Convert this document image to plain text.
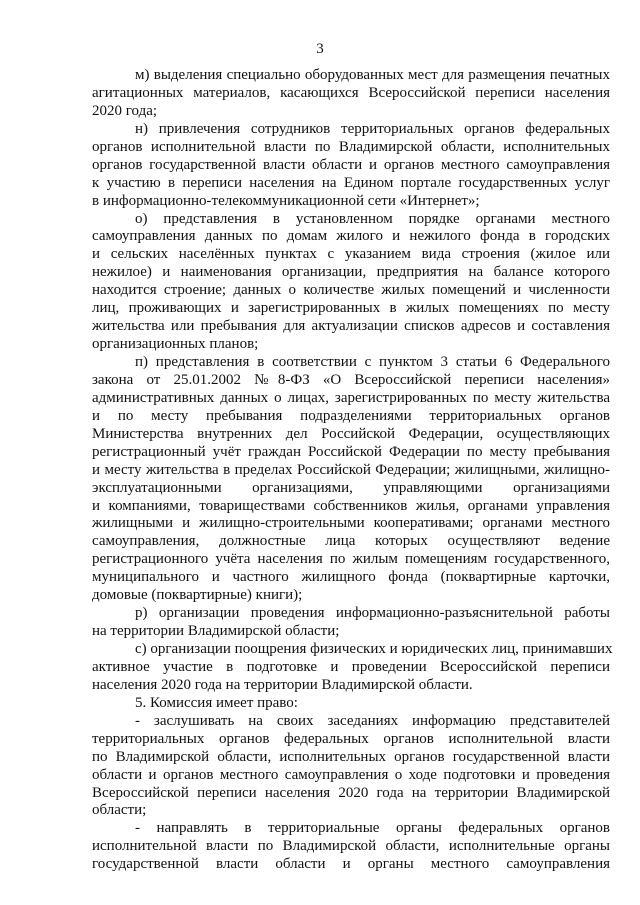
3
м) выделения специально оборудованных мест для размещения печатных
агитационных материалов, касающихся Всероссийской переписи населения
2020 года;
н) привлечения сотрудников территориальных органов федеральных
органов исполнительной власти по Владимирской области, исполнительных
органов государственной власти области и органов местного самоуправления
к участию в переписи населения на Едином портале государственных услуг
в информационно-телекоммуникационной сети «Интернет»;
о) представления в установленном порядке органами местного
самоуправления данных по домам жилого и нежилого фонда в городских
и сельских населённых пунктах с указанием вида строения (жилое или
нежилое) и наименования организации, предприятия на балансе которого
находится строение; данных о количестве жилых помещений и численности
лиц, проживающих и зарегистрированных в жилых помещениях по месту
жительства или пребывания для актуализации списков адресов и составления
организационных планов;
п) представления в соответствии с пунктом 3 статьи 6 Федерального
закона от 25.01.2002 №8-ФЗ «О Всероссийской переписи населения»
административных данных о лицах, зарегистрированных по месту жительства
и по месту пребывания подразделениями территориальных органов
Министерства внутренних дел Российской Федерации, осуществляющих
регистрационный учёт граждан Российской Федерации по месту пребывания
и месту жительства в пределах Российской Федерации; жилищными, жилищно-
эксплуатационными организациями, управляющими организациями
и компаниями, товариществами собственников жилья, органами управления
жилищными и жилищно-строительными кооперативами; органами местного
самоуправления, должностные лица которых осуществляют ведение
регистрационного учёта населения по жилым помещениям государственного,
муниципального и частного жилищного фонда (поквартирные карточки,
домовые (поквартирные) книги);
р) организации проведения информационно-разъяснительной работы
на территории Владимирской области;
с) организации поощрения физических и юридических лиц, принимавших
активное участие в подготовке и проведении Всероссийской переписи
населения 2020 года на территории Владимирской области.
5. Комиссия имеет право:
- заслушивать на своих заседаниях информацию представителей
территориальных органов федеральных органов исполнительной власти
по Владимирской области, исполнительных органов государственной власти
области и органов местного самоуправления о ходе подготовки и проведения
Всероссийской переписи населения 2020 года на территории Владимирской
области;
- направлять в территориальные органы федеральных органов
исполнительной власти по Владимирской области, исполнительные органы
государственной власти области и органы местного самоуправления
